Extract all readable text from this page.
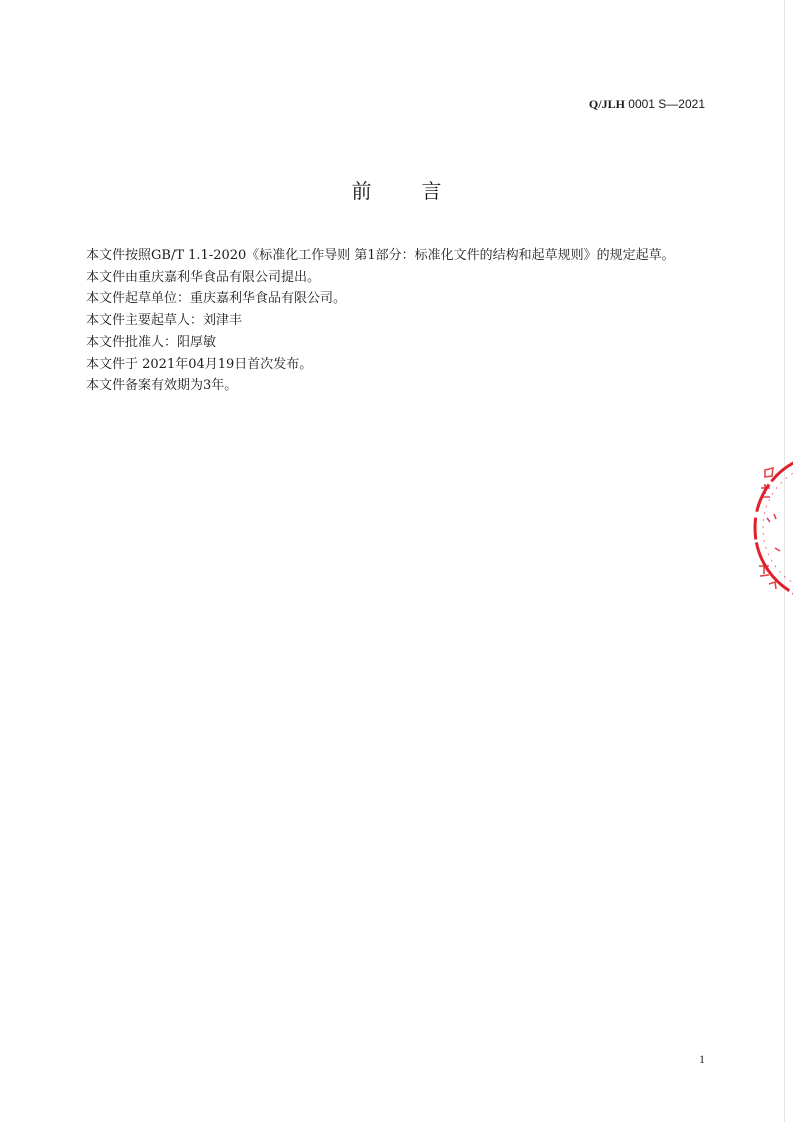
Q/JLH 0001 S—2021
前言
本文件按照GB/T 1.1-2020《标准化工作导则 第1部分：标准化文件的结构和起草规则》的规定起草。
本文件由重庆嘉利华食品有限公司提出。
本文件起草单位：重庆嘉利华食品有限公司。
本文件主要起草人：刘津丰
本文件批准人：阳厚敏
本文件于 2021年04月19日首次发布。
本文件备案有效期为3年。
1
